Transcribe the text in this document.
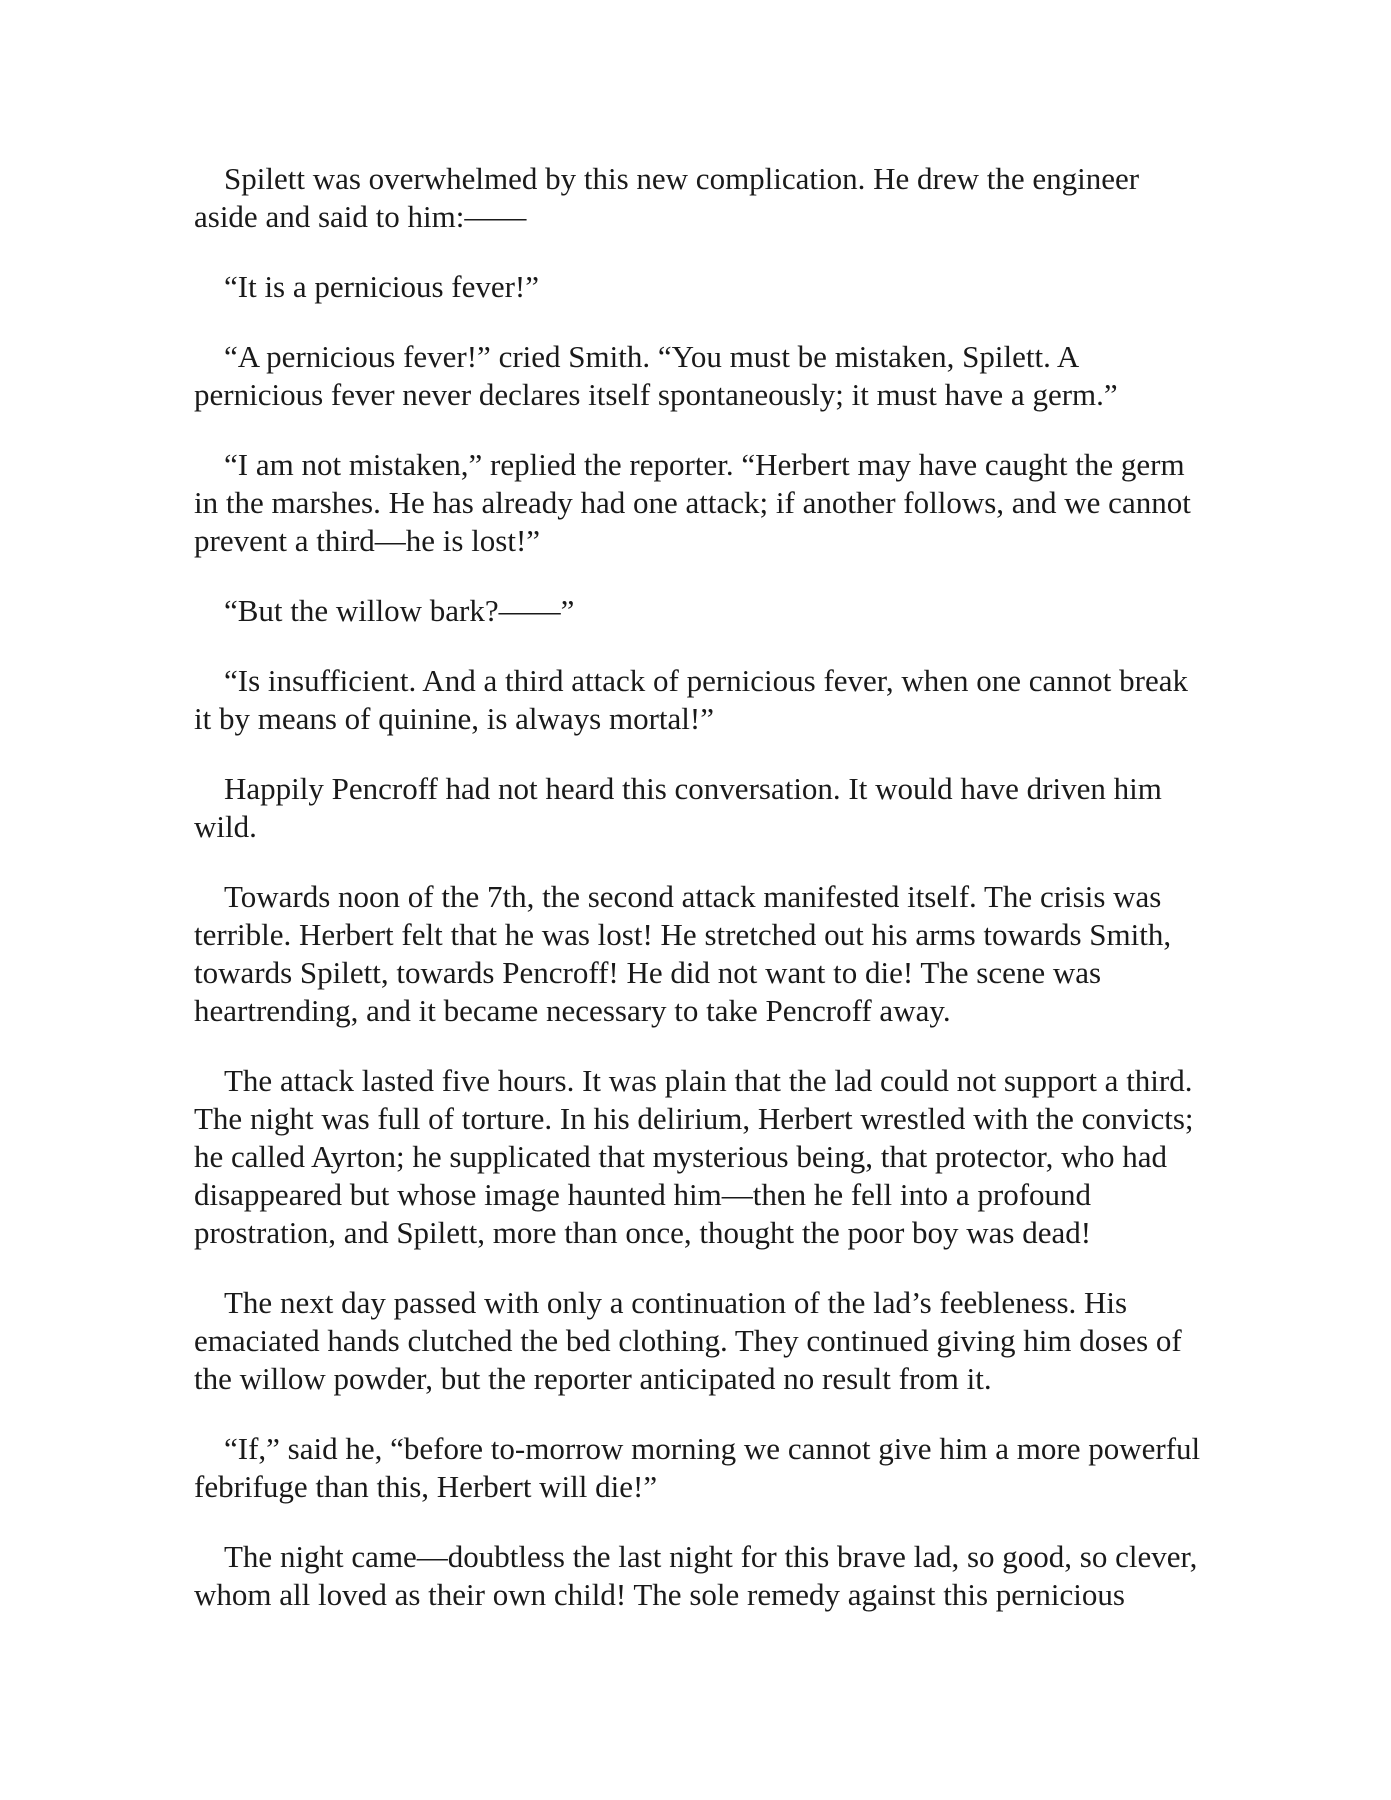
Spilett was overwhelmed by this new complication. He drew the engineer
aside and said to him:——
“It is a pernicious fever!”
“A pernicious fever!” cried Smith. “You must be mistaken, Spilett. A
pernicious fever never declares itself spontaneously; it must have a germ.”
“I am not mistaken,” replied the reporter. “Herbert may have caught the germ
in the marshes. He has already had one attack; if another follows, and we cannot
prevent a third—he is lost!”
“But the willow bark?——”
“Is insufficient. And a third attack of pernicious fever, when one cannot break
it by means of quinine, is always mortal!”
Happily Pencroff had not heard this conversation. It would have driven him
wild.
Towards noon of the 7th, the second attack manifested itself. The crisis was
terrible. Herbert felt that he was lost! He stretched out his arms towards Smith,
towards Spilett, towards Pencroff! He did not want to die! The scene was
heartrending, and it became necessary to take Pencroff away.
The attack lasted five hours. It was plain that the lad could not support a third.
The night was full of torture. In his delirium, Herbert wrestled with the convicts;
he called Ayrton; he supplicated that mysterious being, that protector, who had
disappeared but whose image haunted him—then he fell into a profound
prostration, and Spilett, more than once, thought the poor boy was dead!
The next day passed with only a continuation of the lad’s feebleness. His
emaciated hands clutched the bed clothing. They continued giving him doses of
the willow powder, but the reporter anticipated no result from it.
“If,” said he, “before to-morrow morning we cannot give him a more powerful
febrifuge than this, Herbert will die!”
The night came—doubtless the last night for this brave lad, so good, so clever,
whom all loved as their own child! The sole remedy against this pernicious
